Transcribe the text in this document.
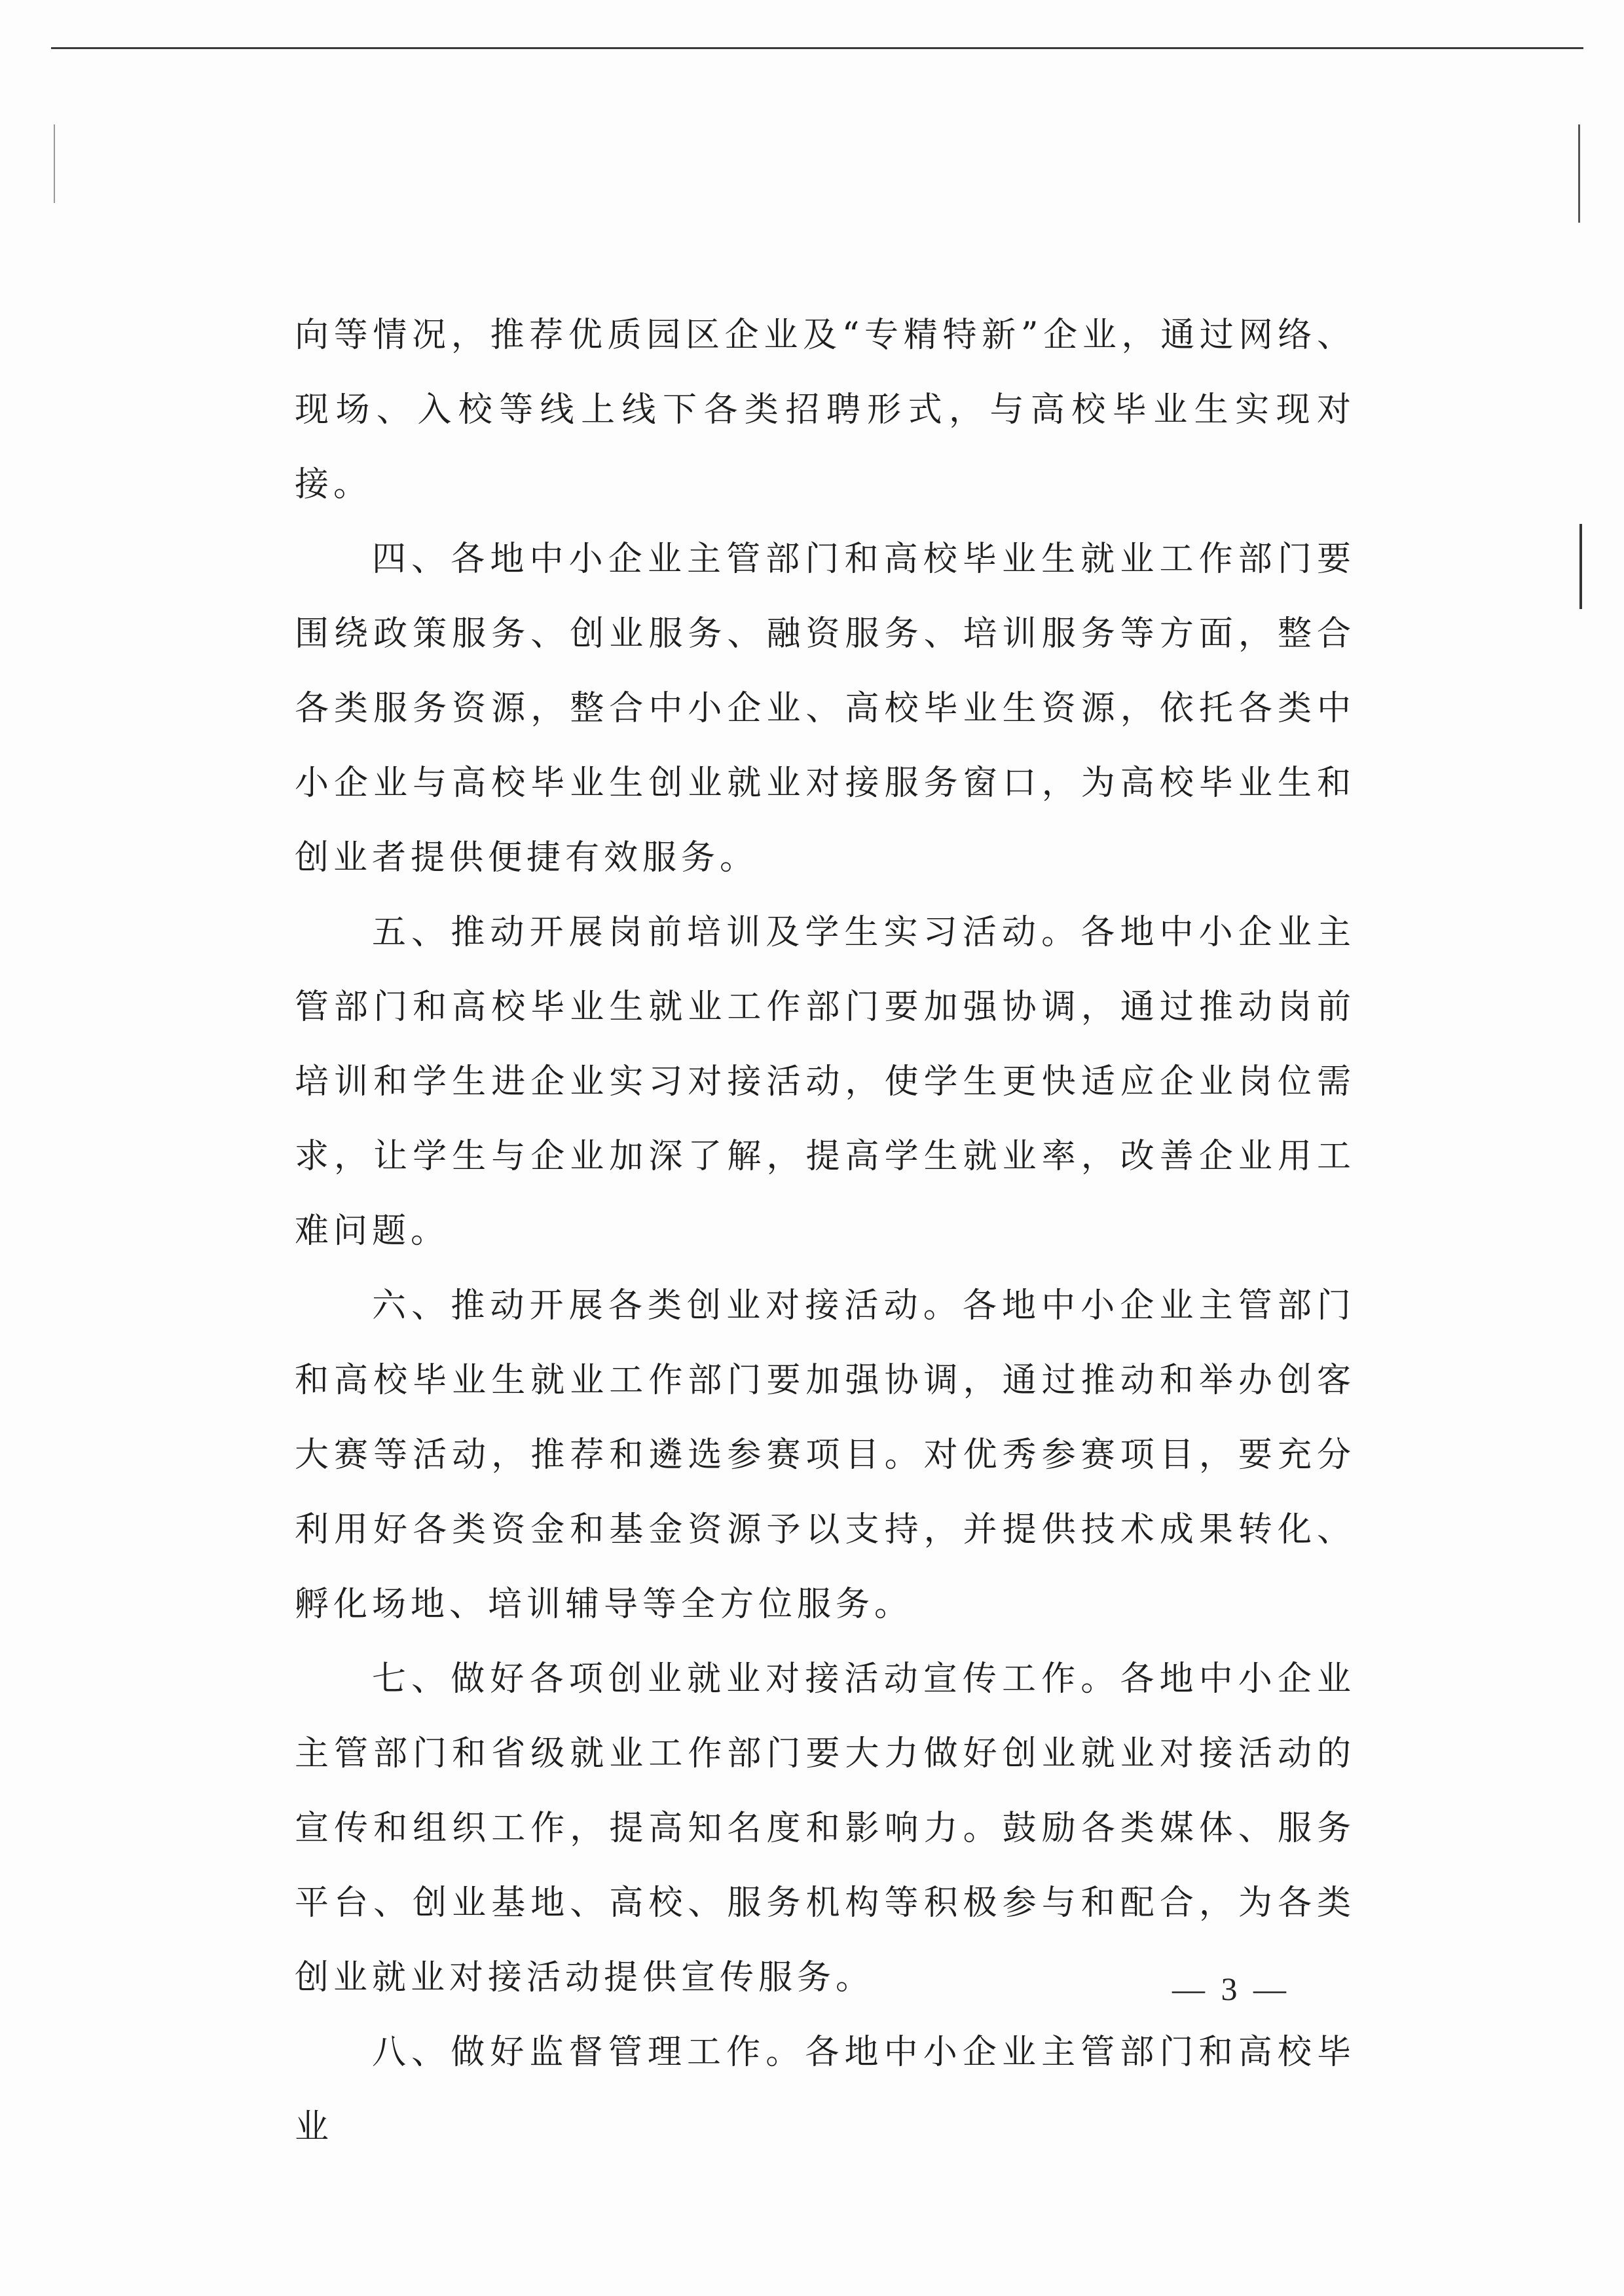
向等情况，推荐优质园区企业及“专精特新”企业，通过网络、现场、入校等线上线下各类招聘形式，与高校毕业生实现对接。

四、各地中小企业主管部门和高校毕业生就业工作部门要围绕政策服务、创业服务、融资服务、培训服务等方面，整合各类服务资源，整合中小企业、高校毕业生资源，依托各类中小企业与高校毕业生创业就业对接服务窗口，为高校毕业生和创业者提供便捷有效服务。

五、推动开展岗前培训及学生实习活动。各地中小企业主管部门和高校毕业生就业工作部门要加强协调，通过推动岗前培训和学生进企业实习对接活动，使学生更快适应企业岗位需求，让学生与企业加深了解，提高学生就业率，改善企业用工难问题。

六、推动开展各类创业对接活动。各地中小企业主管部门和高校毕业生就业工作部门要加强协调，通过推动和举办创客大赛等活动，推荐和遴选参赛项目。对优秀参赛项目，要充分利用好各类资金和基金资源予以支持，并提供技术成果转化、孵化场地、培训辅导等全方位服务。

七、做好各项创业就业对接活动宣传工作。各地中小企业主管部门和省级就业工作部门要大力做好创业就业对接活动的宣传和组织工作，提高知名度和影响力。鼓励各类媒体、服务平台、创业基地、高校、服务机构等积极参与和配合，为各类创业就业对接活动提供宣传服务。

八、做好监督管理工作。各地中小企业主管部门和高校毕业

— 3 —
